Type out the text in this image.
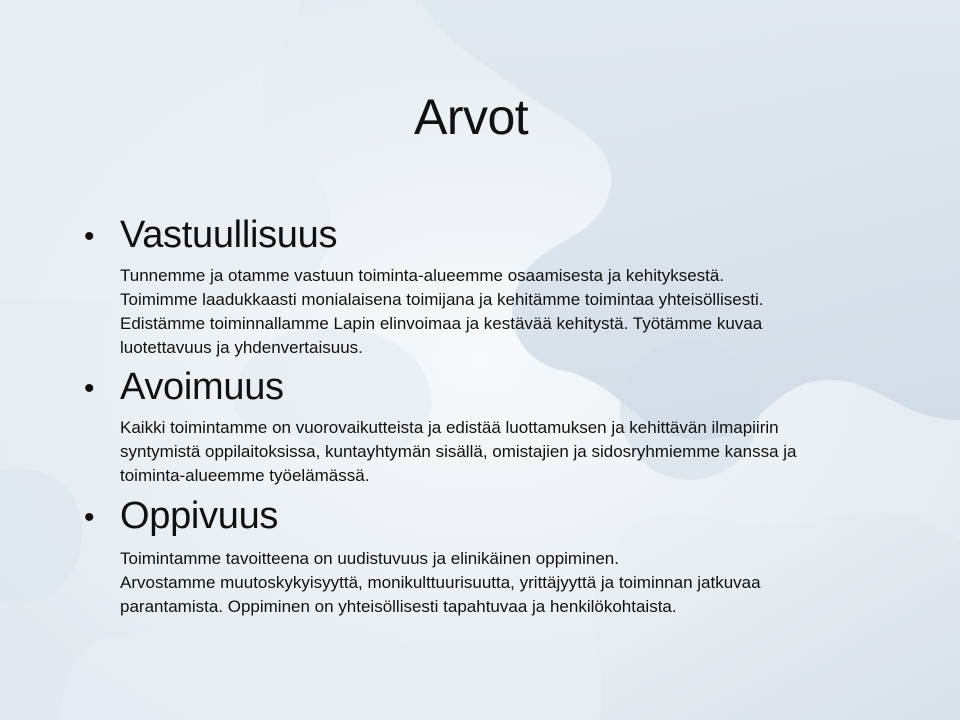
Arvot
• Vastuullisuus

Tunnemme ja otamme vastuun toiminta-alueemme osaamisesta ja kehityksestä.
Toimimme laadukkaasti monialaisena toimijana ja kehitämme toimintaa yhteisöllisesti.
Edistämme toiminnallamme Lapin elinvoimaa ja kestävää kehitystä. Työtämme kuvaa
luotettavuus ja yhdenvertaisuus.

• Avoimuus

Kaikki toimintamme on vuorovaikutteista ja edistää luottamuksen ja kehittävän ilmapiirin
syntymistä oppilaitoksissa, kuntayhtymän sisällä, omistajien ja sidosryhmiemme kanssa ja
toiminta-alueemme työelämässä.

• Oppivuus

Toimintamme tavoitteena on uudistuvuus ja elinikäinen oppiminen.
Arvostamme muutoskykyisyyttä, monikulttuurisuutta, yrittäjyyttä ja toiminnan jatkuvaa
parantamista. Oppiminen on yhteisöllisesti tapahtuvaa ja henkilökohtaista.
